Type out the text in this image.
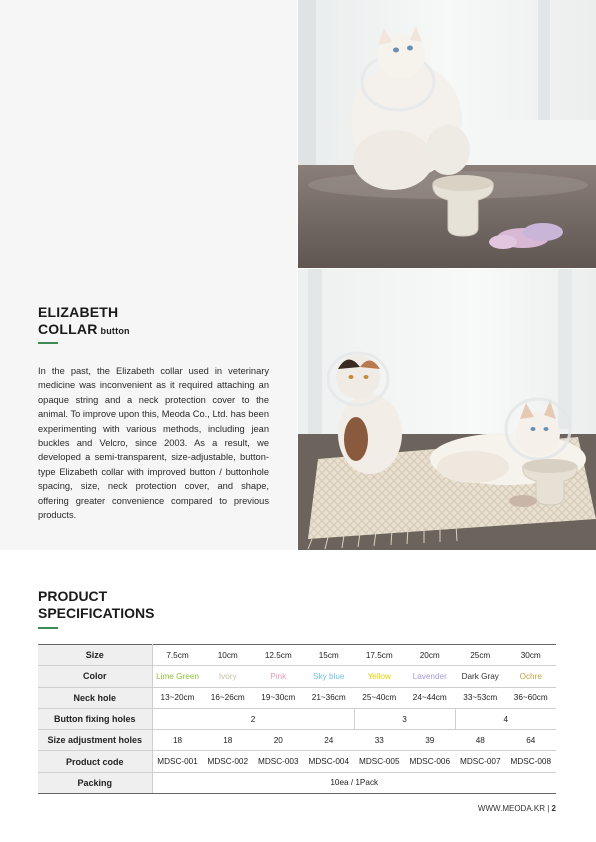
ELIZABETH
COLLAR button

In the past, the Elizabeth collar used in veterinary medicine was inconvenient as it required attaching an opaque string and a neck protection cover to the animal. To improve upon this, Meoda Co., Ltd. has been experimenting with various methods, including jean buckles and Velcro, since 2003. As a result, we developed a semi-transparent, size-adjustable, button-type Elizabeth collar with improved button / buttonhole spacing, size, neck protection cover, and shape, offering greater convenience compared to previous products.

PRODUCT
SPECIFICATIONS
Size	7.5cm	10cm	12.5cm	15cm	17.5cm	20cm	25cm	30cm
Color	Lime Green	Ivory	Pink	Sky blue	Yellow	Lavender	Dark Gray	Ochre
Neck hole	13~20cm	16~26cm	19~30cm	21~36cm	25~40cm	24~44cm	33~53cm	36~60cm
Button fixing holes	2				3		4	
Size adjustment holes	18	18	20	24	33	39	48	64
Product code	MDSC-001	MDSC-002	MDSC-003	MDSC-004	MDSC-005	MDSC-006	MDSC-007	MDSC-008
Packing	10ea / 1Pack							
WWW.MEODA.KR | 2
